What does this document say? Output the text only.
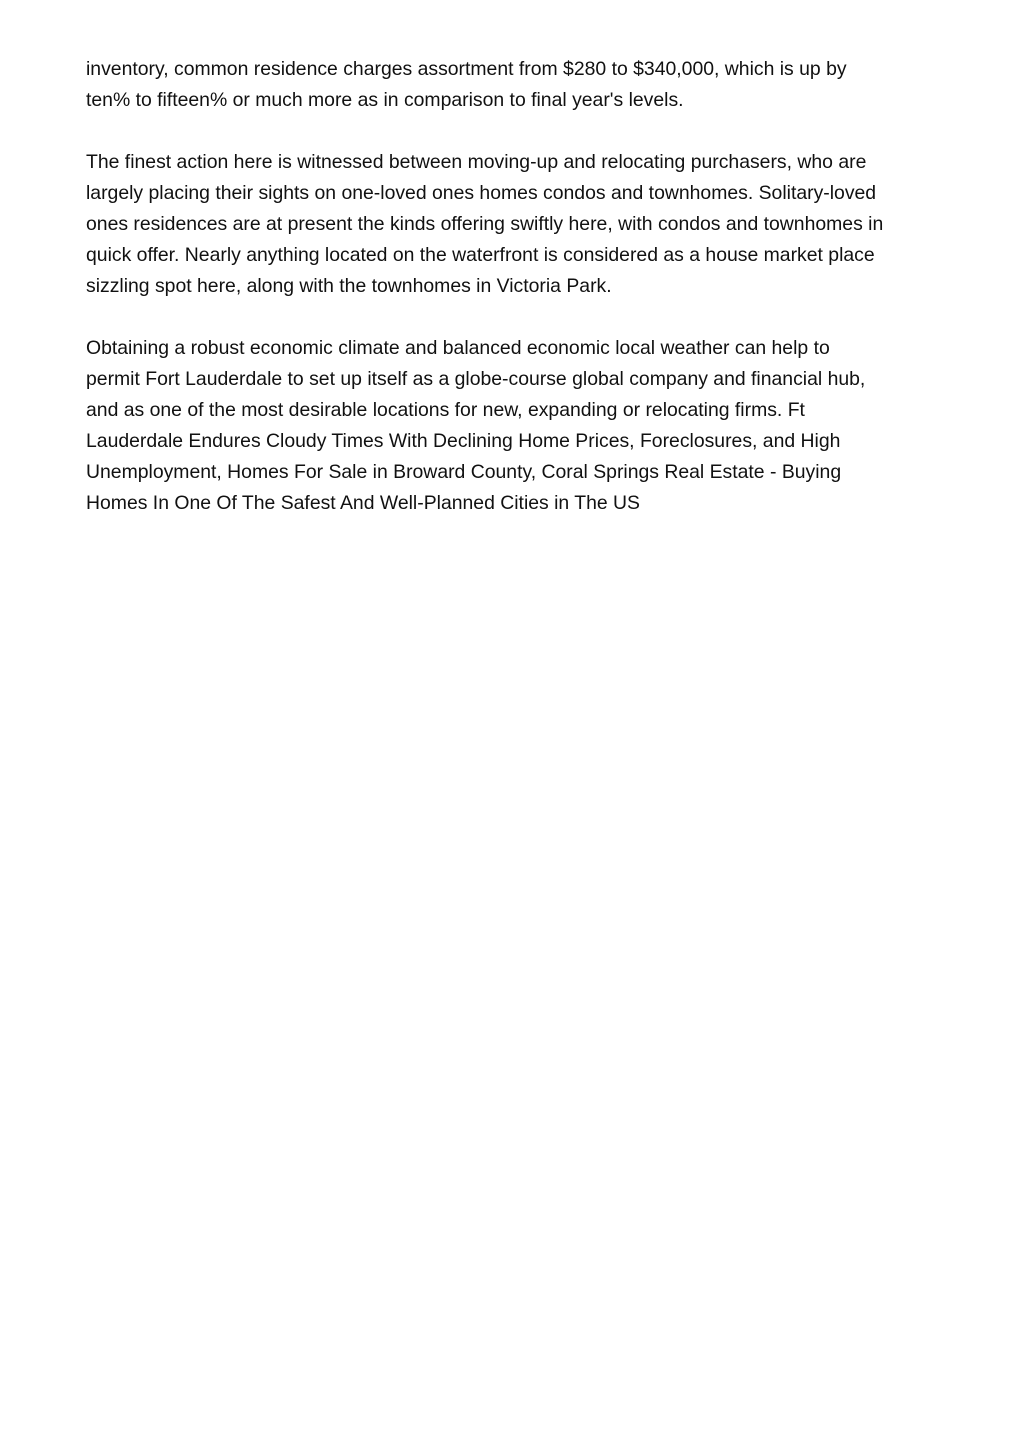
inventory, common residence charges assortment from $280 to $340,000, which is up by
ten% to fifteen% or much more as in comparison to final year's levels.

The finest action here is witnessed between moving-up and relocating purchasers, who are
largely placing their sights on one-loved ones homes condos and townhomes. Solitary-loved
ones residences are at present the kinds offering swiftly here, with condos and townhomes in
quick offer. Nearly anything located on the waterfront is considered as a house market place
sizzling spot here, along with the townhomes in Victoria Park.

Obtaining a robust economic climate and balanced economic local weather can help to
permit Fort Lauderdale to set up itself as a globe-course global company and financial hub,
and as one of the most desirable locations for new, expanding or relocating firms. Ft
Lauderdale Endures Cloudy Times With Declining Home Prices, Foreclosures, and High
Unemployment, Homes For Sale in Broward County, Coral Springs Real Estate - Buying
Homes In One Of The Safest And Well-Planned Cities in The US
